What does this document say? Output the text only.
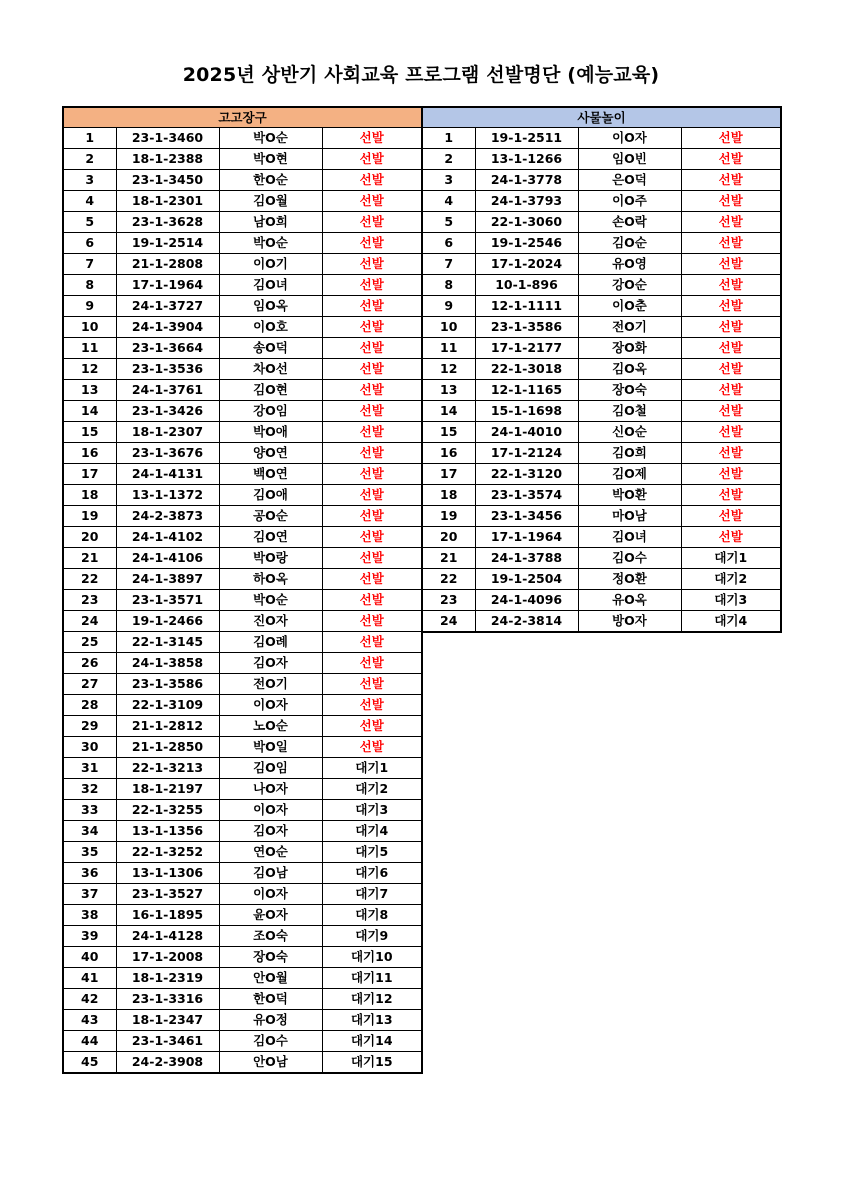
2025년 상반기 사회교육 프로그램 선발명단 (예능교육)
고고장구			
1	23-1-3460	박O순	선발
2	18-1-2388	박O현	선발
3	23-1-3450	한O순	선발
4	18-1-2301	김O월	선발
5	23-1-3628	남O희	선발
6	19-1-2514	박O순	선발
7	21-1-2808	이O기	선발
8	17-1-1964	김O녀	선발
9	24-1-3727	임O옥	선발
10	24-1-3904	이O호	선발
11	23-1-3664	송O덕	선발
12	23-1-3536	차O선	선발
13	24-1-3761	김O현	선발
14	23-1-3426	강O임	선발
15	18-1-2307	박O애	선발
16	23-1-3676	양O연	선발
17	24-1-4131	백O연	선발
18	13-1-1372	김O애	선발
19	24-2-3873	공O순	선발
20	24-1-4102	김O연	선발
21	24-1-4106	박O랑	선발
22	24-1-3897	하O옥	선발
23	23-1-3571	박O순	선발
24	19-1-2466	진O자	선발
25	22-1-3145	김O례	선발
26	24-1-3858	김O자	선발
27	23-1-3586	전O기	선발
28	22-1-3109	이O자	선발
29	21-1-2812	노O순	선발
30	21-1-2850	박O일	선발
31	22-1-3213	김O임	대기1
32	18-1-2197	나O자	대기2
33	22-1-3255	이O자	대기3
34	13-1-1356	김O자	대기4
35	22-1-3252	연O순	대기5
36	13-1-1306	김O남	대기6
37	23-1-3527	이O자	대기7
38	16-1-1895	윤O자	대기8
39	24-1-4128	조O숙	대기9
40	17-1-2008	장O숙	대기10
41	18-1-2319	안O월	대기11
42	23-1-3316	한O덕	대기12
43	18-1-2347	유O정	대기13
44	23-1-3461	김O수	대기14
45	24-2-3908	안O남	대기15
사물놀이			
1	19-1-2511	이O자	선발
2	13-1-1266	임O빈	선발
3	24-1-3778	은O덕	선발
4	24-1-3793	이O주	선발
5	22-1-3060	손O락	선발
6	19-1-2546	김O순	선발
7	17-1-2024	유O영	선발
8	10-1-896	강O순	선발
9	12-1-1111	이O춘	선발
10	23-1-3586	전O기	선발
11	17-1-2177	장O화	선발
12	22-1-3018	김O옥	선발
13	12-1-1165	장O숙	선발
14	15-1-1698	김O철	선발
15	24-1-4010	신O순	선발
16	17-1-2124	김O희	선발
17	22-1-3120	김O제	선발
18	23-1-3574	박O환	선발
19	23-1-3456	마O남	선발
20	17-1-1964	김O녀	선발
21	24-1-3788	김O수	대기1
22	19-1-2504	정O환	대기2
23	24-1-4096	유O옥	대기3
24	24-2-3814	방O자	대기4
